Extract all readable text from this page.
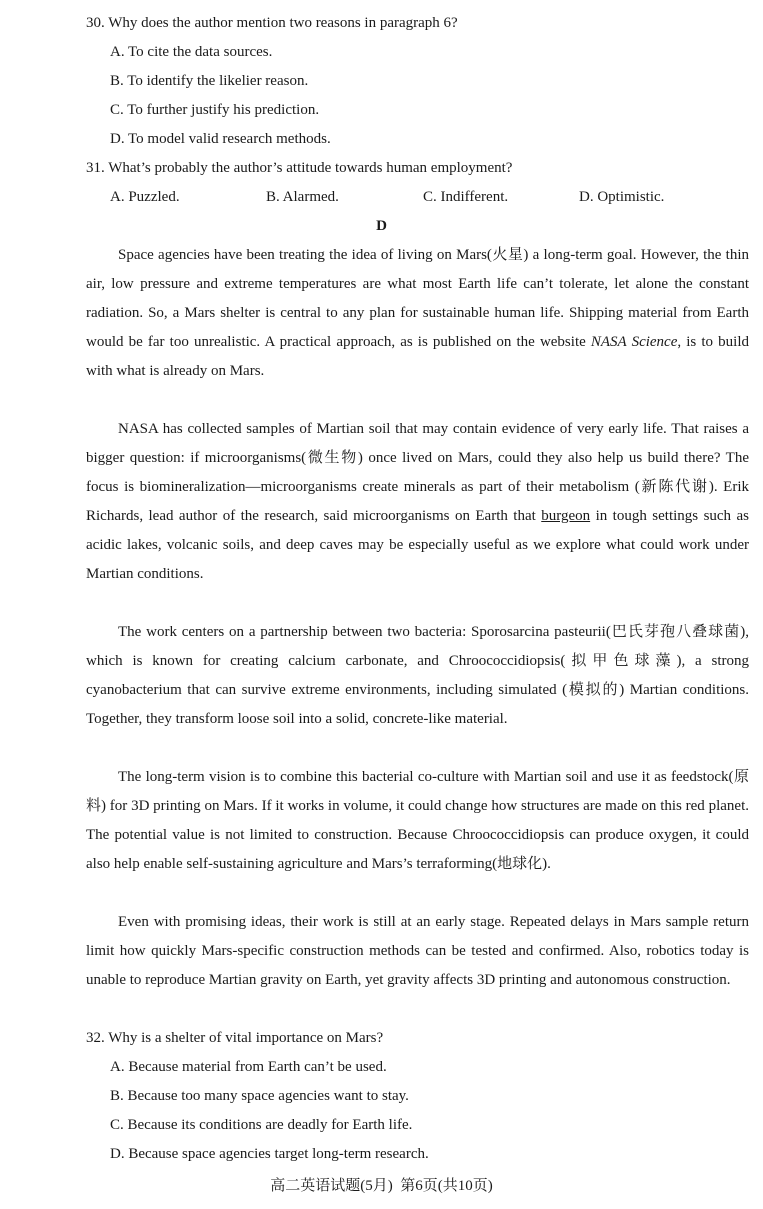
30. Why does the author mention two reasons in paragraph 6?
A. To cite the data sources.
B. To identify the likelier reason.
C. To further justify his prediction.
D. To model valid research methods.
31. What’s probably the author’s attitude towards human employment?
A. Puzzled.	B. Alarmed.	C. Indifferent.	D. Optimistic.
D

Space agencies have been treating the idea of living on Mars(火星) a long-term goal. However, the thin air, low pressure and extreme temperatures are what most Earth life can’t tolerate, let alone the constant radiation. So, a Mars shelter is central to any plan for sustainable human life. Shipping material from Earth would be far too unrealistic. A practical approach, as is published on the website NASA Science, is to build with what is already on Mars.

NASA has collected samples of Martian soil that may contain evidence of very early life. That raises a bigger question: if microorganisms(微生物) once lived on Mars, could they also help us build there? The focus is biomineralization—microorganisms create minerals as part of their metabolism (新陈代谢). Erik Richards, lead author of the research, said microorganisms on Earth that burgeon in tough settings such as acidic lakes, volcanic soils, and deep caves may be especially useful as we explore what could work under Martian conditions.

The work centers on a partnership between two bacteria: Sporosarcina pasteurii(巴氏芽孢八叠球菌), which is known for creating calcium carbonate, and Chroococcidiopsis(拟甲色球藻), a strong cyanobacterium that can survive extreme environments, including simulated (模拟的) Martian conditions. Together, they transform loose soil into a solid, concrete-like material.

The long-term vision is to combine this bacterial co-culture with Martian soil and use it as feedstock(原料) for 3D printing on Mars. If it works in volume, it could change how structures are made on this red planet. The potential value is not limited to construction. Because Chroococcidiopsis can produce oxygen, it could also help enable self-sustaining agriculture and Mars’s terraforming(地球化).

Even with promising ideas, their work is still at an early stage. Repeated delays in Mars sample return limit how quickly Mars-specific construction methods can be tested and confirmed. Also, robotics today is unable to reproduce Martian gravity on Earth, yet gravity affects 3D printing and autonomous construction.

32. Why is a shelter of vital importance on Mars?
A. Because material from Earth can’t be used.
B. Because too many space agencies want to stay.
C. Because its conditions are deadly for Earth life.
D. Because space agencies target long-term research.
高二英语试题(5月)  第6页(共10页)
